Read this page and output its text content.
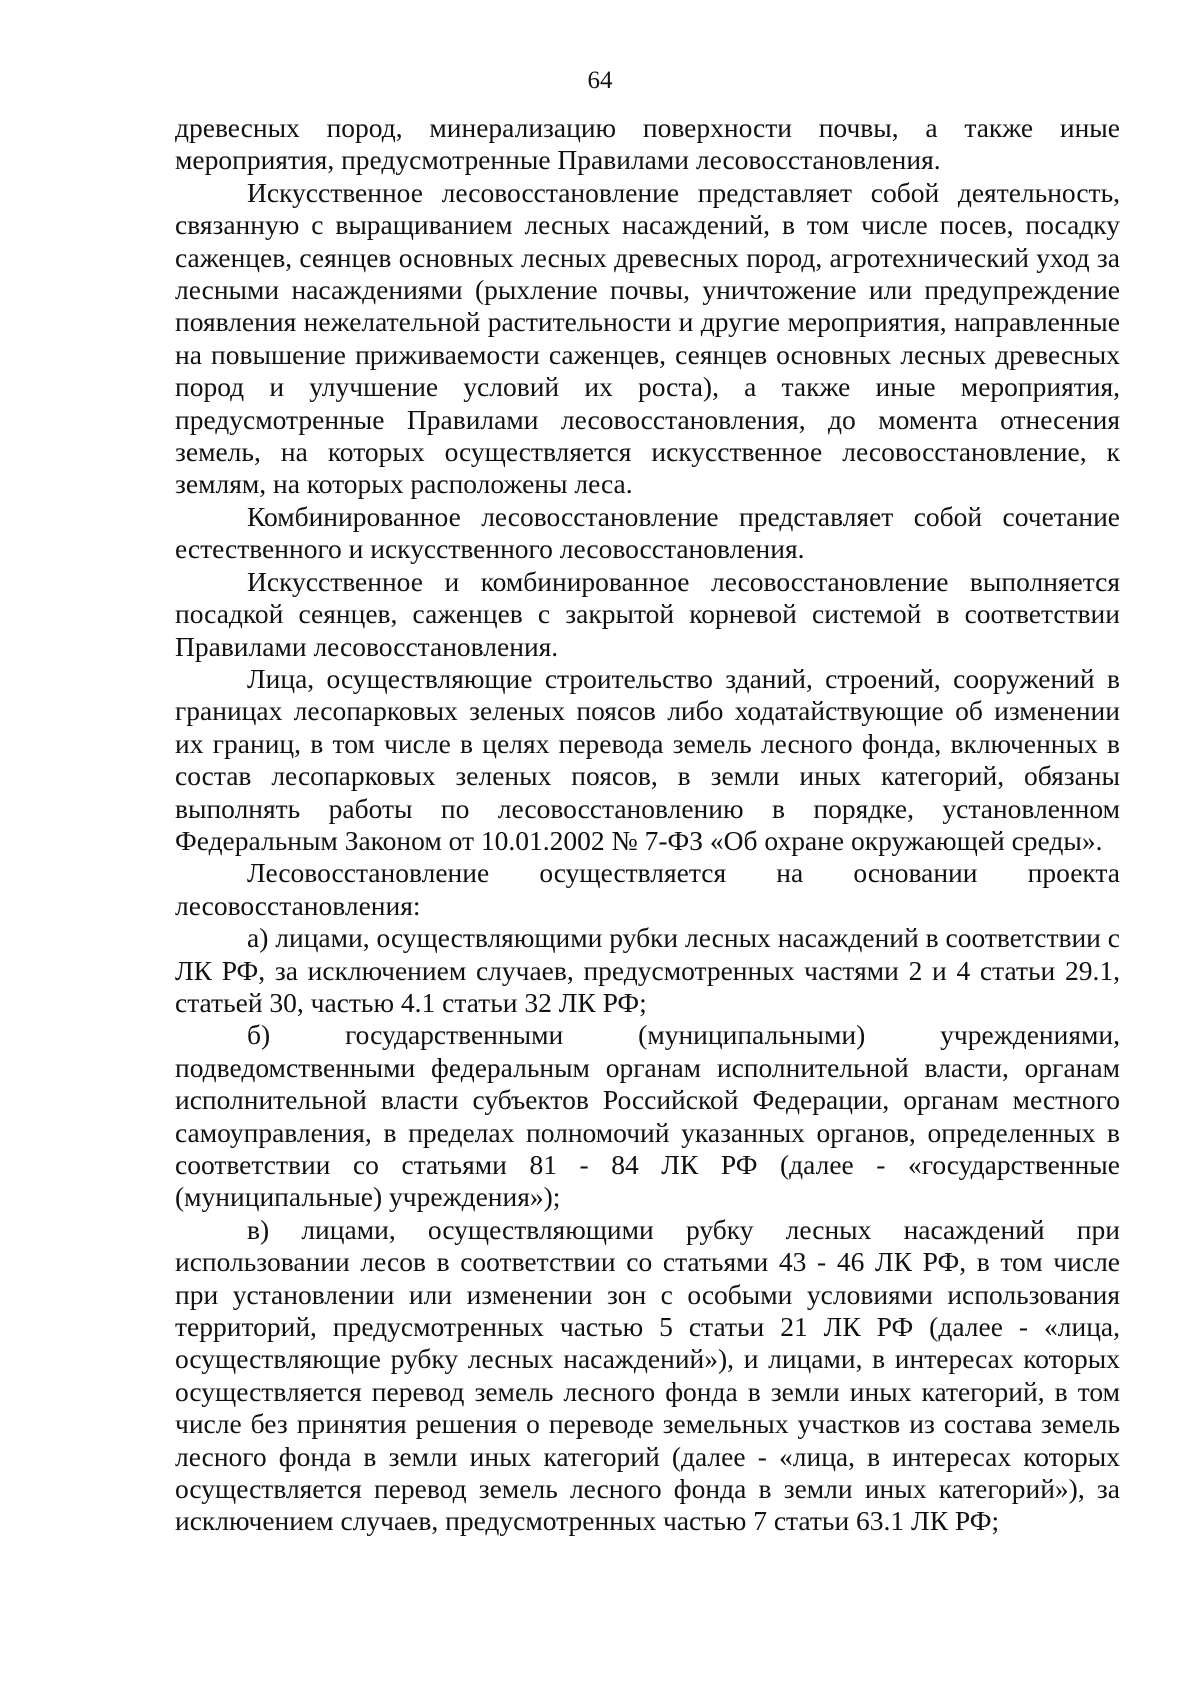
64

древесных пород, минерализацию поверхности почвы, а также иные мероприятия, предусмотренные Правилами лесовосстановления.

Искусственное лесовосстановление представляет собой деятельность, связанную с выращиванием лесных насаждений, в том числе посев, посадку саженцев, сеянцев основных лесных древесных пород, агротехнический уход за лесными насаждениями (рыхление почвы, уничтожение или предупреждение появления нежелательной растительности и другие мероприятия, направленные на повышение приживаемости саженцев, сеянцев основных лесных древесных пород и улучшение условий их роста), а также иные мероприятия, предусмотренные Правилами лесовосстановления, до момента отнесения земель, на которых осуществляется искусственное лесовосстановление, к землям, на которых расположены леса.

Комбинированное лесовосстановление представляет собой сочетание естественного и искусственного лесовосстановления.

Искусственное и комбинированное лесовосстановление выполняется посадкой сеянцев, саженцев с закрытой корневой системой в соответствии Правилами лесовосстановления.

Лица, осуществляющие строительство зданий, строений, сооружений в границах лесопарковых зеленых поясов либо ходатайствующие об изменении их границ, в том числе в целях перевода земель лесного фонда, включенных в состав лесопарковых зеленых поясов, в земли иных категорий, обязаны выполнять работы по лесовосстановлению в порядке, установленном Федеральным Законом от 10.01.2002 № 7-ФЗ «Об охране окружающей среды».

Лесовосстановление осуществляется на основании проекта лесовосстановления:

а) лицами, осуществляющими рубки лесных насаждений в соответствии с ЛК РФ, за исключением случаев, предусмотренных частями 2 и 4 статьи 29.1, статьей 30, частью 4.1 статьи 32 ЛК РФ;

б) государственными (муниципальными) учреждениями, подведомственными федеральным органам исполнительной власти, органам исполнительной власти субъектов Российской Федерации, органам местного самоуправления, в пределах полномочий указанных органов, определенных в соответствии со статьями 81 - 84 ЛК РФ (далее - «государственные (муниципальные) учреждения»);

в) лицами, осуществляющими рубку лесных насаждений при использовании лесов в соответствии со статьями 43 - 46 ЛК РФ, в том числе при установлении или изменении зон с особыми условиями использования территорий, предусмотренных частью 5 статьи 21 ЛК РФ (далее - «лица, осуществляющие рубку лесных насаждений»), и лицами, в интересах которых осуществляется перевод земель лесного фонда в земли иных категорий, в том числе без принятия решения о переводе земельных участков из состава земель лесного фонда в земли иных категорий (далее - «лица, в интересах которых осуществляется перевод земель лесного фонда в земли иных категорий»), за исключением случаев, предусмотренных частью 7 статьи 63.1 ЛК РФ;
